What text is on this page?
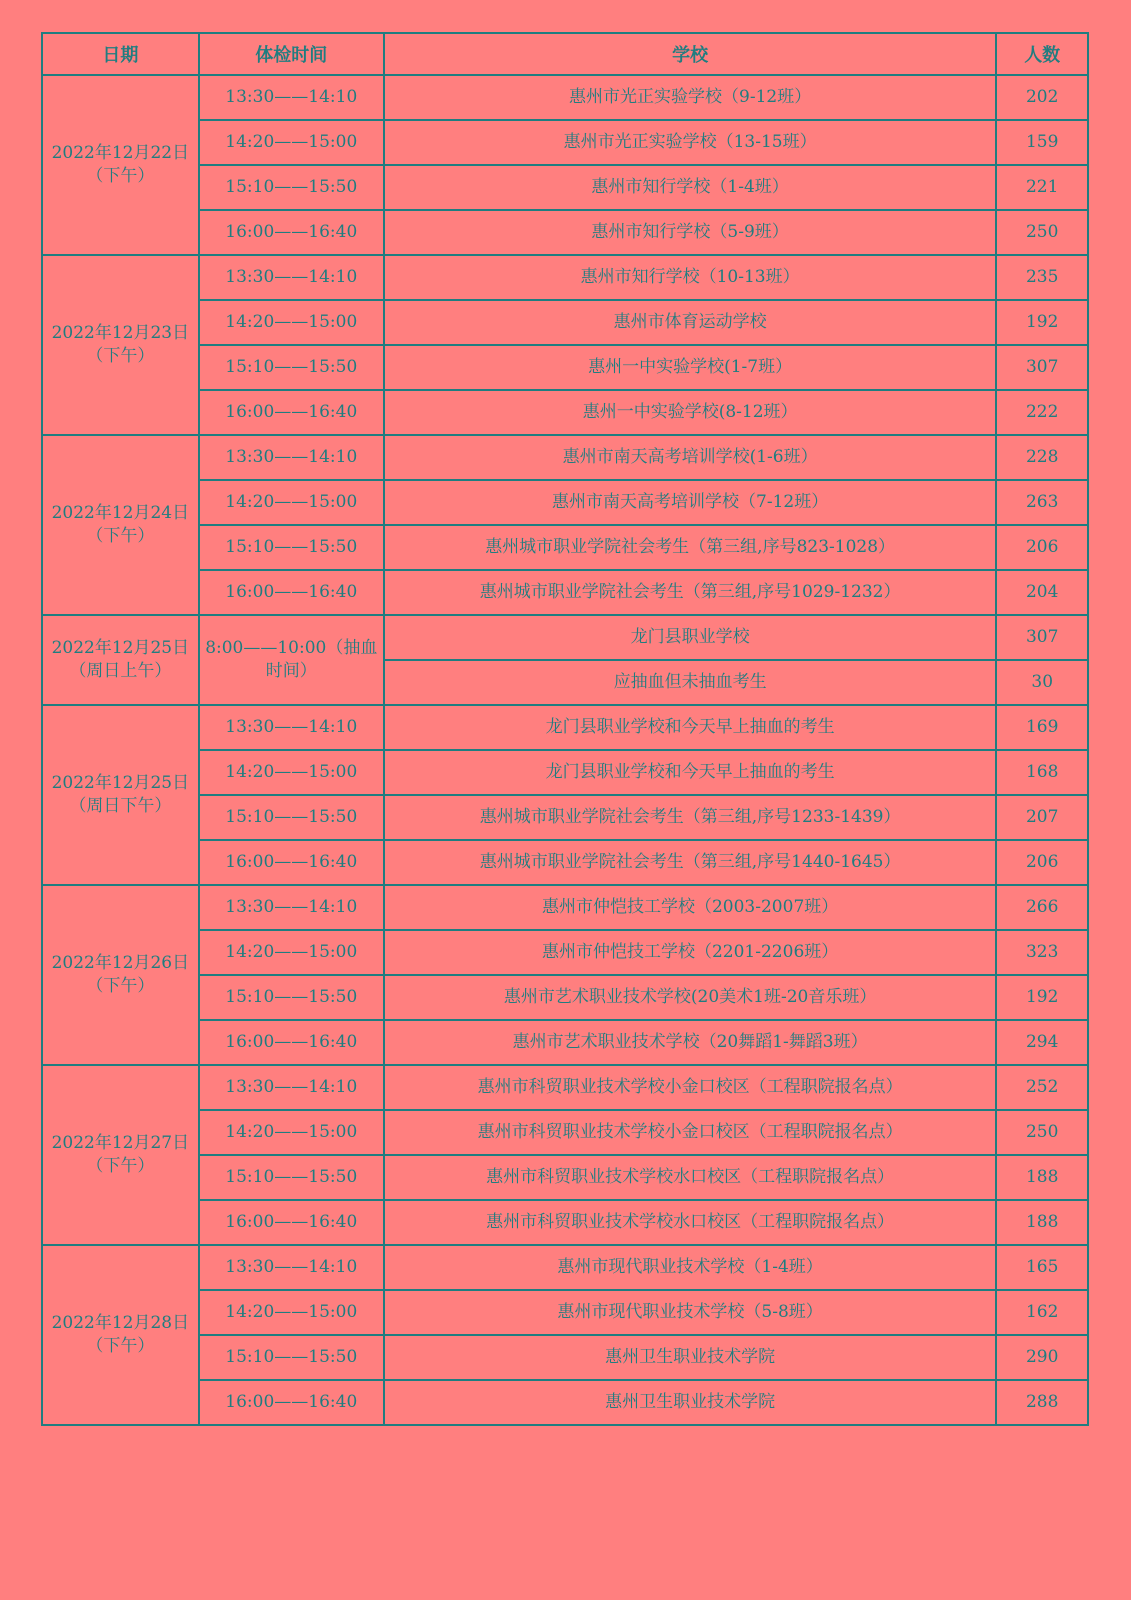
日期	体检时间	学校	人数

2022年12月22日
（下午）	13:30——14:10	惠州市光正实验学校（9-12班）	202
	14:20——15:00	惠州市光正实验学校（13-15班）	159
	15:10——15:50	惠州市知行学校（1-4班）	221
	16:00——16:40	惠州市知行学校（5-9班）	250

2022年12月23日
（下午）	13:30——14:10	惠州市知行学校（10-13班）	235
	14:20——15:00	惠州市体育运动学校	192
	15:10——15:50	惠州一中实验学校(1-7班）	307
	16:00——16:40	惠州一中实验学校(8-12班）	222

2022年12月24日
（下午）	13:30——14:10	惠州市南天高考培训学校(1-6班）	228
	14:20——15:00	惠州市南天高考培训学校（7-12班）	263
	15:10——15:50	惠州城市职业学院社会考生（第三组,序号823-1028）	206
	16:00——16:40	惠州城市职业学院社会考生（第三组,序号1029-1232）	204

2022年12月25日
（周日上午）	8:00——10:00（抽血时间）	龙门县职业学校	307
		应抽血但未抽血考生	30

2022年12月25日
（周日下午）	13:30——14:10	龙门县职业学校和今天早上抽血的考生	169
	14:20——15:00	龙门县职业学校和今天早上抽血的考生	168
	15:10——15:50	惠州城市职业学院社会考生（第三组,序号1233-1439）	207
	16:00——16:40	惠州城市职业学院社会考生（第三组,序号1440-1645）	206

2022年12月26日
（下午）	13:30——14:10	惠州市仲恺技工学校（2003-2007班）	266
	14:20——15:00	惠州市仲恺技工学校（2201-2206班）	323
	15:10——15:50	惠州市艺术职业技术学校(20美术1班-20音乐班）	192
	16:00——16:40	惠州市艺术职业技术学校（20舞蹈1-舞蹈3班）	294

2022年12月27日
（下午）	13:30——14:10	惠州市科贸职业技术学校小金口校区（工程职院报名点）	252
	14:20——15:00	惠州市科贸职业技术学校小金口校区（工程职院报名点）	250
	15:10——15:50	惠州市科贸职业技术学校水口校区（工程职院报名点）	188
	16:00——16:40	惠州市科贸职业技术学校水口校区（工程职院报名点）	188

2022年12月28日
（下午）	13:30——14:10	惠州市现代职业技术学校（1-4班）	165
	14:20——15:00	惠州市现代职业技术学校（5-8班）	162
	15:10——15:50	惠州卫生职业技术学院	290
	16:00——16:40	惠州卫生职业技术学院	288
